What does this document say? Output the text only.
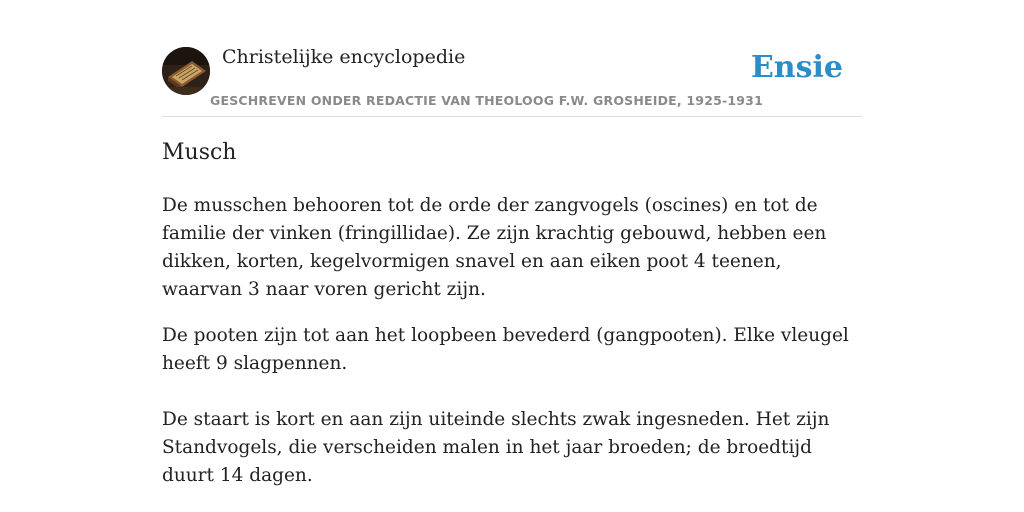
Christelijke encyclopedie
GESCHREVEN ONDER REDACTIE VAN THEOLOOG F.W. GROSHEIDE, 1925-1931
Ensie
Musch

De musschen behooren tot de orde der zangvogels (oscines) en tot de familie der vinken (fringillidae). Ze zijn krachtig gebouwd, hebben een dikken, korten, kegelvormigen snavel en aan eiken poot 4 teenen, waarvan 3 naar voren gericht zijn.

De pooten zijn tot aan het loopbeen bevederd (gangpooten). Elke vleugel heeft 9 slagpennen.

De staart is kort en aan zijn uiteinde slechts zwak ingesneden. Het zijn Standvogels, die verscheiden malen in het jaar broeden; de broedtijd duurt 14 dagen.
